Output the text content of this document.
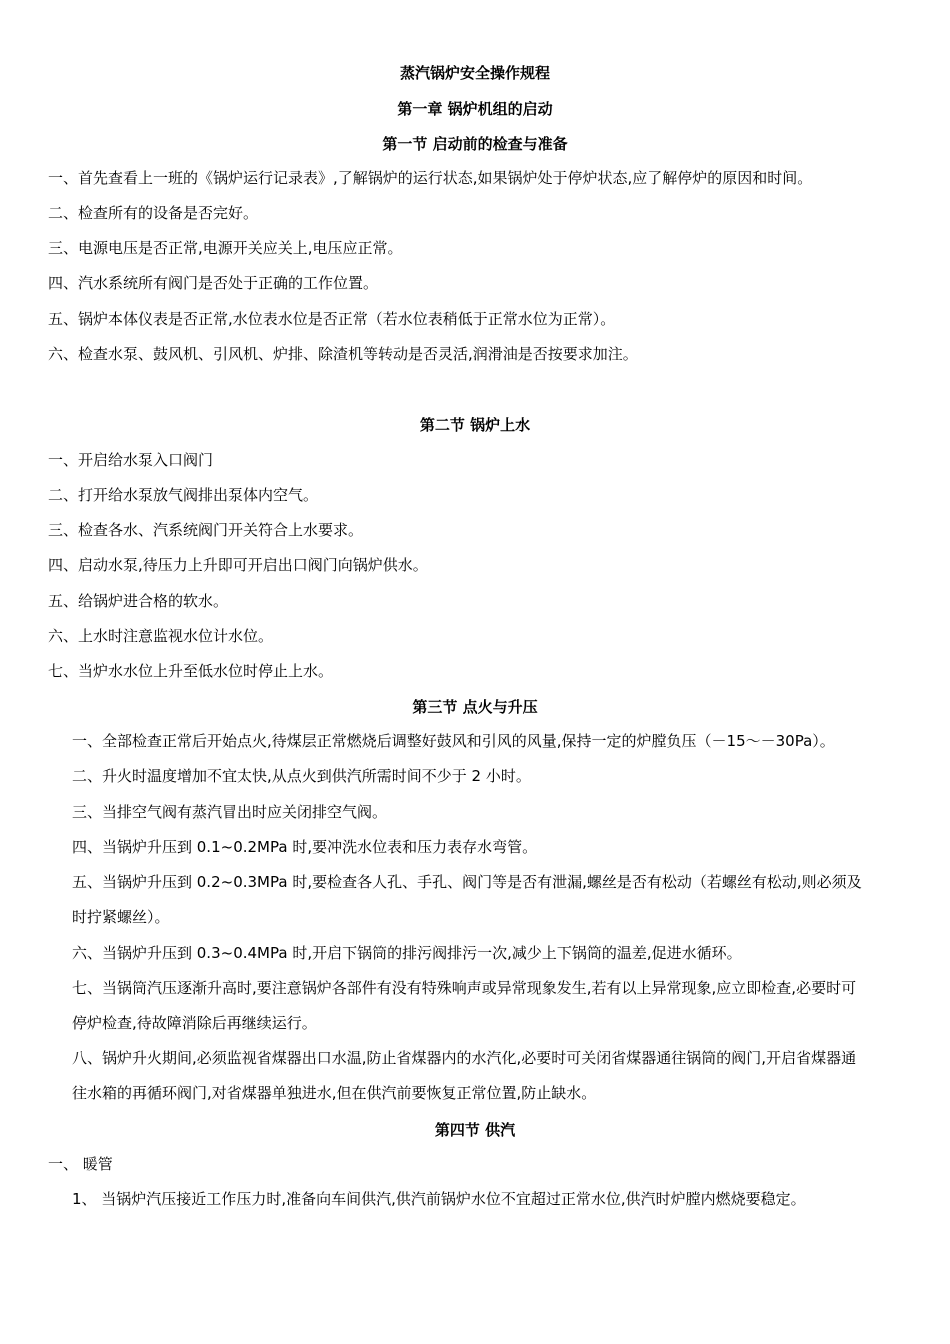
蒸汽锅炉安全操作规程
第一章 锅炉机组的启动
第一节 启动前的检查与准备
一、首先查看上一班的《锅炉运行记录表》,了解锅炉的运行状态,如果锅炉处于停炉状态,应了解停炉的原因和时间。
二、检查所有的设备是否完好。
三、电源电压是否正常,电源开关应关上,电压应正常。
四、汽水系统所有阀门是否处于正确的工作位置。
五、锅炉本体仪表是否正常,水位表水位是否正常（若水位表稍低于正常水位为正常）。
六、检查水泵、鼓风机、引风机、炉排、除渣机等转动是否灵活,润滑油是否按要求加注。
第二节 锅炉上水
一、开启给水泵入口阀门
二、打开给水泵放气阀排出泵体内空气。
三、检查各水、汽系统阀门开关符合上水要求。
四、启动水泵,待压力上升即可开启出口阀门向锅炉供水。
五、给锅炉进合格的软水。
六、上水时注意监视水位计水位。
七、当炉水水位上升至低水位时停止上水。
第三节 点火与升压
一、全部检查正常后开始点火,待煤层正常燃烧后调整好鼓风和引风的风量,保持一定的炉膛负压（－15～－30Pa）。
二、升火时温度增加不宜太快,从点火到供汽所需时间不少于 2 小时。
三、当排空气阀有蒸汽冒出时应关闭排空气阀。
四、当锅炉升压到 0.1~0.2MPa 时,要冲洗水位表和压力表存水弯管。
五、当锅炉升压到 0.2~0.3MPa 时,要检查各人孔、手孔、阀门等是否有泄漏,螺丝是否有松动（若螺丝有松动,则必须及
时拧紧螺丝）。
六、当锅炉升压到 0.3~0.4MPa 时,开启下锅筒的排污阀排污一次,减少上下锅筒的温差,促进水循环。
七、当锅筒汽压逐渐升高时,要注意锅炉各部件有没有特殊响声或异常现象发生,若有以上异常现象,应立即检查,必要时可
停炉检查,待故障消除后再继续运行。
八、锅炉升火期间,必须监视省煤器出口水温,防止省煤器内的水汽化,必要时可关闭省煤器通往锅筒的阀门,开启省煤器通
往水箱的再循环阀门,对省煤器单独进水,但在供汽前要恢复正常位置,防止缺水。
第四节 供汽
一、 暖管
1、 当锅炉汽压接近工作压力时,准备向车间供汽,供汽前锅炉水位不宜超过正常水位,供汽时炉膛内燃烧要稳定。
